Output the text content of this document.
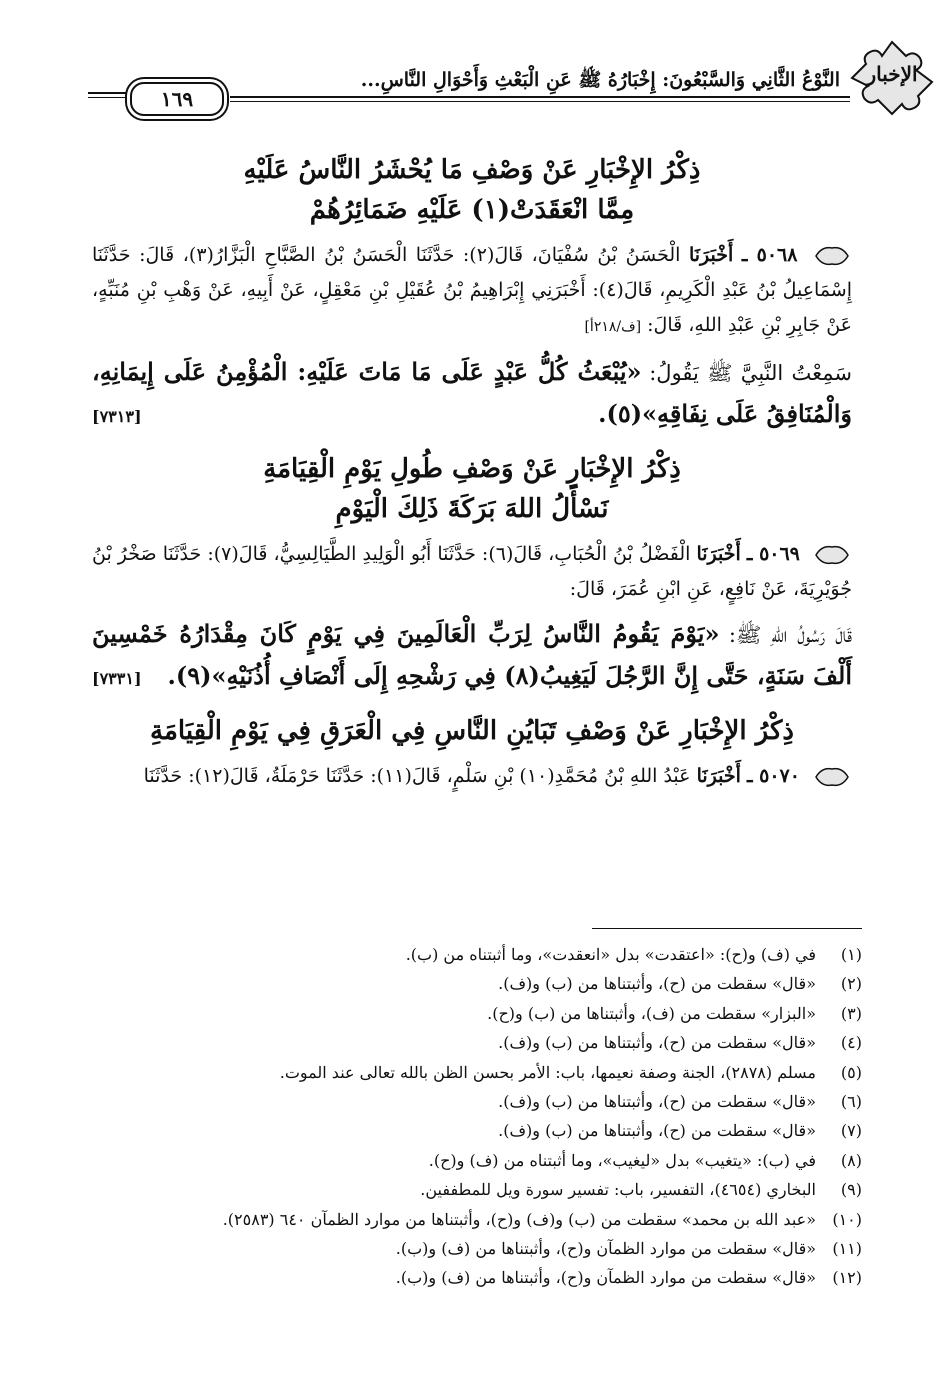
الإخبار
النَّوْعُ الثَّانِي وَالسَّبْعُونَ: إِخْبَارُهُ ﷺ عَنِ الْبَعْثِ وَأَحْوَالِ النَّاسِ...
١٦٩
ذِكْرُ الإِخْبَارِ عَنْ وَصْفِ مَا يُحْشَرُ النَّاسُ عَلَيْهِ
مِمَّا انْعَقَدَتْ(١) عَلَيْهِ ضَمَائِرُهُمْ

٥٠٦٨ ـ أَخْبَرَنَا الْحَسَنُ بْنُ سُفْيَانَ، قَالَ(٢): حَدَّثَنَا الْحَسَنُ بْنُ الصَّبَّاحِ الْبَزَّارُ(٣)، قَالَ: حَدَّثَنَا إِسْمَاعِيلُ بْنُ عَبْدِ الْكَرِيمِ، قَالَ(٤): أَخْبَرَنِي إِبْرَاهِيمُ بْنُ عُقَيْلِ بْنِ مَعْقِلٍ، عَنْ أَبِيهِ، عَنْ وَهْبِ بْنِ مُنَبِّهٍ، عَنْ جَابِرِ بْنِ عَبْدِ اللهِ، قَالَ: [ف/٢١٨أ]

سَمِعْتُ النَّبِيَّ ﷺ يَقُولُ: «يُبْعَثُ كُلُّ عَبْدٍ عَلَى مَا مَاتَ عَلَيْهِ: الْمُؤْمِنُ عَلَى إِيمَانِهِ، وَالْمُنَافِقُ عَلَى نِفَاقِهِ»(٥).
[٧٣١٣]

ذِكْرُ الإِخْبَارِ عَنْ وَصْفِ طُولِ يَوْمِ الْقِيَامَةِ
نَسْأَلُ اللهَ بَرَكَةَ ذَلِكَ الْيَوْمِ

٥٠٦٩ ـ أَخْبَرَنَا الْفَضْلُ بْنُ الْحُبَابِ، قَالَ(٦): حَدَّثَنَا أَبُو الْوَلِيدِ الطَّيَالِسِيُّ، قَالَ(٧): حَدَّثَنَا صَخْرُ بْنُ جُوَيْرِيَةَ، عَنْ نَافِعٍ، عَنِ ابْنِ عُمَرَ، قَالَ:

قَالَ رَسُولُ اللهِ ﷺ: «يَوْمَ يَقُومُ النَّاسُ لِرَبِّ الْعَالَمِينَ فِي يَوْمٍ كَانَ مِقْدَارُهُ خَمْسِينَ أَلْفَ سَنَةٍ، حَتَّى إِنَّ الرَّجُلَ لَيَغِيبُ(٨) فِي رَشْحِهِ إِلَى أَنْصَافِ أُذُنَيْهِ»(٩).
[٧٣٣١]

ذِكْرُ الإِخْبَارِ عَنْ وَصْفِ تَبَايُنِ النَّاسِ فِي الْعَرَقِ فِي يَوْمِ الْقِيَامَةِ

٥٠٧٠ ـ أَخْبَرَنَا عَبْدُ اللهِ بْنُ مُحَمَّدِ(١٠) بْنِ سَلْمٍ، قَالَ(١١): حَدَّثَنَا حَرْمَلَةُ، قَالَ(١٢): حَدَّثَنَا

(١)
في (ف) و(ح): «اعتقدت» بدل «انعقدت»، وما أثبتناه من (ب).
(٢)
«قال» سقطت من (ح)، وأثبتناها من (ب) و(ف).
(٣)
«البزار» سقطت من (ف)، وأثبتناها من (ب) و(ح).
(٤)
«قال» سقطت من (ح)، وأثبتناها من (ب) و(ف).
(٥)
مسلم (٢٨٧٨)، الجنة وصفة نعيمها، باب: الأمر بحسن الظن بالله تعالى عند الموت.
(٦)
«قال» سقطت من (ح)، وأثبتناها من (ب) و(ف).
(٧)
«قال» سقطت من (ح)، وأثبتناها من (ب) و(ف).
(٨)
في (ب): «يتغيب» بدل «ليغيب»، وما أثبتناه من (ف) و(ح).
(٩)
البخاري (٤٦٥٤)، التفسير، باب: تفسير سورة ويل للمطففين.
(١٠)
«عبد الله بن محمد» سقطت من (ب) و(ف) و(ح)، وأثبتناها من موارد الظمآن ٦٤٠ (٢٥٨٣).
(١١)
«قال» سقطت من موارد الظمآن و(ح)، وأثبتناها من (ف) و(ب).
(١٢)
«قال» سقطت من موارد الظمآن و(ح)، وأثبتناها من (ف) و(ب).
